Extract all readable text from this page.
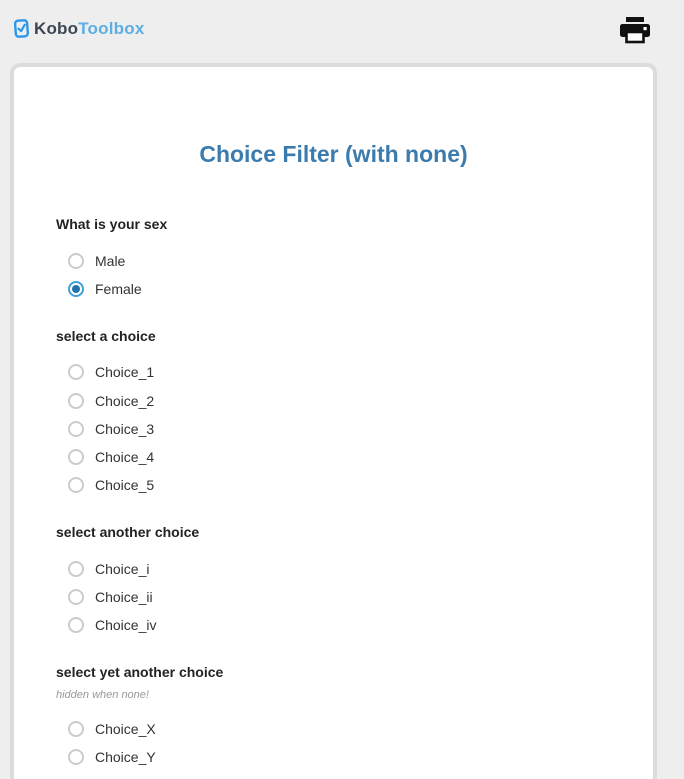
KoboToolbox
Choice Filter (with none)
What is your sex
Male
Female
select a choice
Choice_1
Choice_2
Choice_3
Choice_4
Choice_5
select another choice
Choice_i
Choice_ii
Choice_iv
select yet another choice
hidden when none!
Choice_X
Choice_Y
